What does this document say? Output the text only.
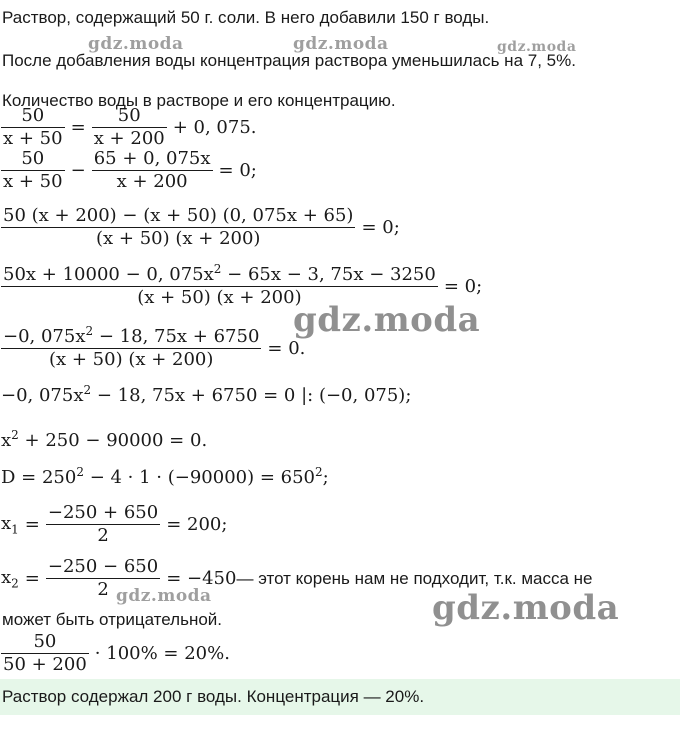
Раствор, содержащий 50 г. соли. В него добавили 150 г воды.
После добавления воды концентрация раствора уменьшилась на 7, 5%.
Количество воды в растворе и его концентрацию.
$\frac{50}{x + 50} = \frac{50}{x + 200} + 0$, 075.
$\frac{50}{x + 50} - \frac{65 + 0, 075x}{x + 200} = 0$;
$\frac{50 (x + 200) - (x + 50) (0, 075x + 65)}{(x + 50) (x + 200)} = 0$;
$\frac{50x + 10000 - 0, 075x^2 - 65x - 3, 75x - 3250}{(x + 50) (x + 200)} = 0$;
$\frac{-0, 075x^2 - 18, 75x + 6750}{(x + 50) (x + 200)} = 0$.
−0, $075x^2 - 18$, 75x + 6750 = 0 |: (−0, 075);
$x^2 + 250 - 90000 = 0$.
$D = 250^2 - 4 \cdot 1 \cdot (-90000) = 650^2$;
$x_1 = \frac{-250 + 650}{2} = 200$;
$x_2 = \frac{-250 - 650}{2} = -450$ — этот корень нам не подходит, т.к. масса не
может быть отрицательной.
$\frac{50}{50 + 200} \cdot 100\% = 20\%$.
Раствор содержал 200 г воды. Концентрация — 20%.
gdz.moda	gdz.moda	gdz.moda
gdz.moda
gdz.moda	gdz.moda
